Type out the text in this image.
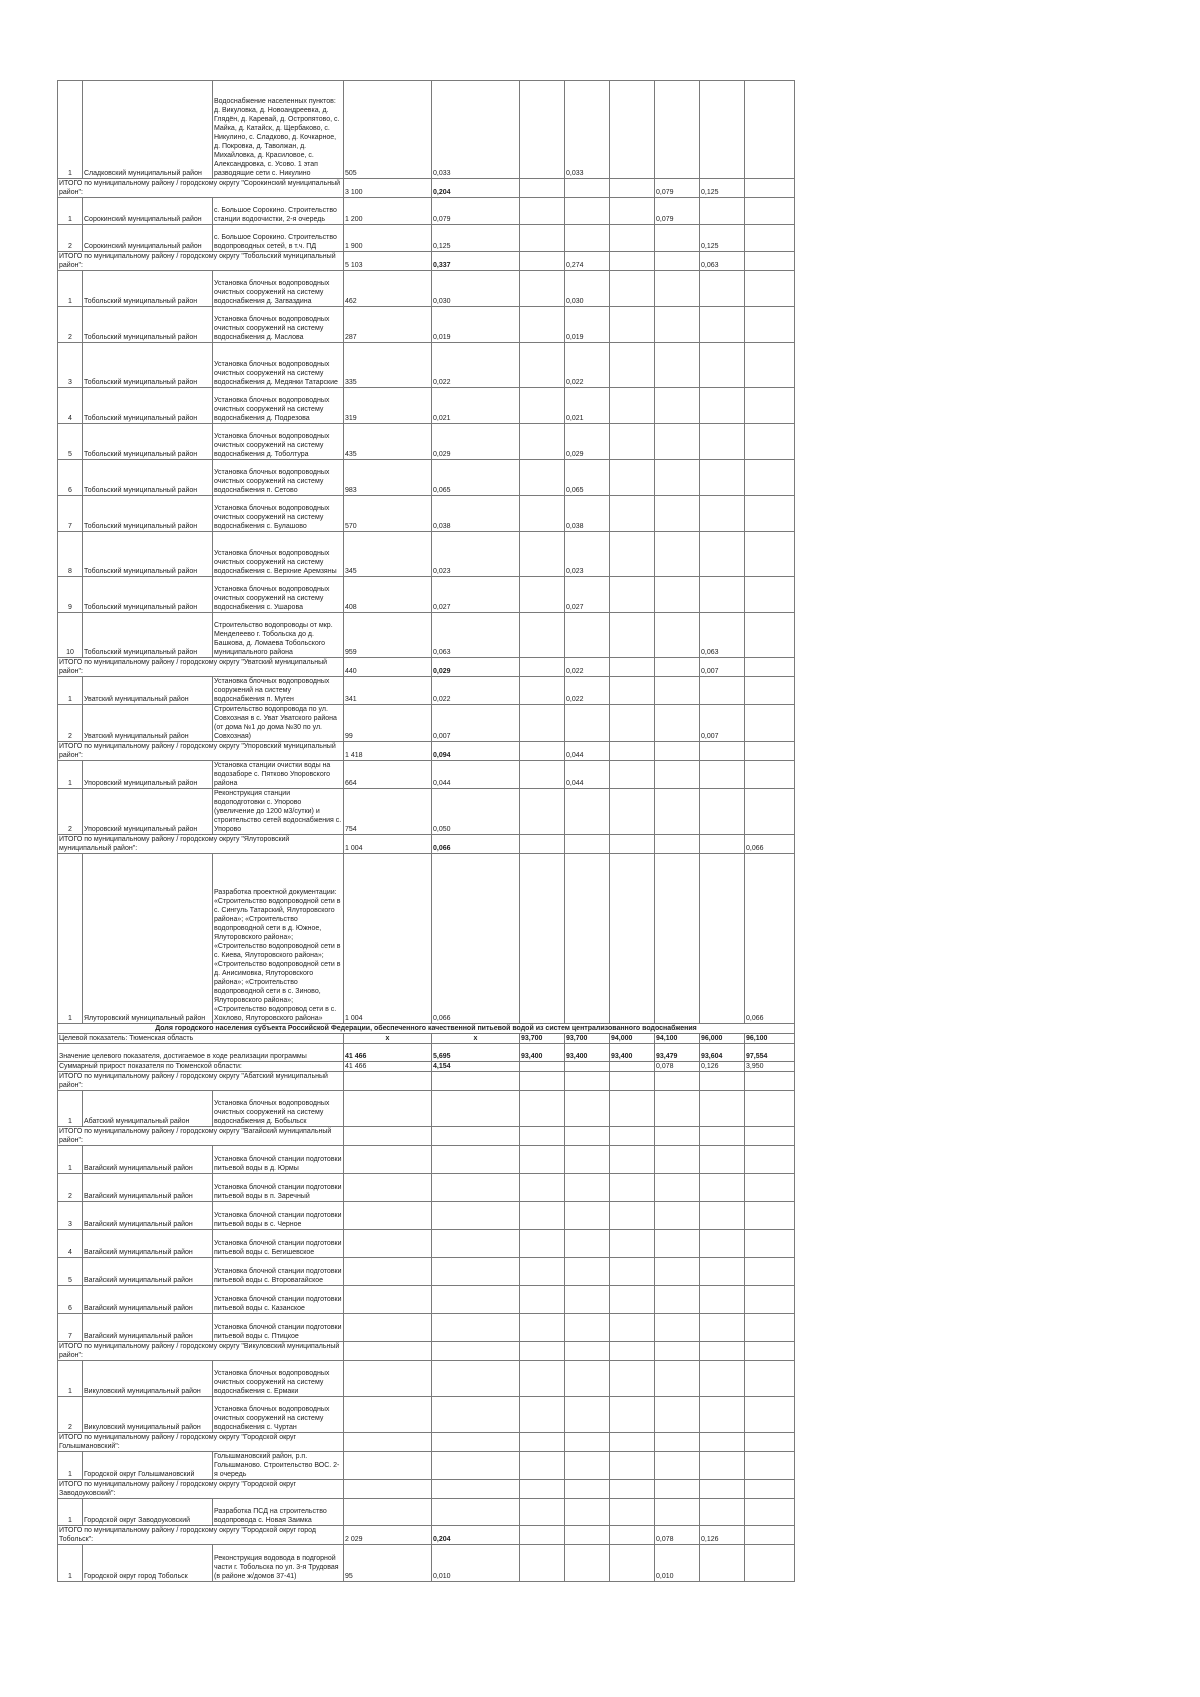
1	Сладковский муниципальный район	Водоснабжение населенных пунктов: д. Викуловка, д. Новоандреевка, д. Глядён, д. Каревай, д. Остропятово, с. Майка, д. Катайск, д. Щербаково, с. Никулино, с. Сладково, д. Кочкарное, д. Покровка, д. Таволжан, д. Михайловка, д. Красиловое, с. Александровка, с. Усово. 1 этап разводящие сети с. Никулино	505	0,033		0,033					
ИТОГО по муниципальному району / городскому округу "Сорокинский муниципальный район":			3 100	0,204				0,079	0,125		
1	Сорокинский муниципальный район	с. Большое Сорокино. Строительство станции водоочистки, 2-я очередь	1 200	0,079				0,079			
2	Сорокинский муниципальный район	с. Большое Сорокино. Строительство водопроводных сетей, в т.ч. ПД	1 900	0,125					0,125		
ИТОГО по муниципальному району / городскому округу "Тобольский муниципальный район":			5 103	0,337		0,274			0,063		
1	Тобольский муниципальный район	Установка блочных водопроводных очистных сооружений на систему водоснабжения д. Загваздина	462	0,030		0,030					
2	Тобольский муниципальный район	Установка блочных водопроводных очистных сооружений на систему водоснабжения д. Маслова	287	0,019		0,019					
3	Тобольский муниципальный район	Установка блочных водопроводных очистных сооружений на систему водоснабжения д. Медянки Татарские	335	0,022		0,022					
4	Тобольский муниципальный район	Установка блочных водопроводных очистных сооружений на систему водоснабжения д. Подрезова	319	0,021		0,021					
5	Тобольский муниципальный район	Установка блочных водопроводных очистных сооружений на систему водоснабжения д. Тоболтура	435	0,029		0,029					
6	Тобольский муниципальный район	Установка блочных водопроводных очистных сооружений на систему водоснабжения п. Сетово	983	0,065		0,065					
7	Тобольский муниципальный район	Установка блочных водопроводных очистных сооружений на систему водоснабжения с. Булашово	570	0,038		0,038					
8	Тобольский муниципальный район	Установка блочных водопроводных очистных сооружений на систему водоснабжения с. Верхние Аремзяны	345	0,023		0,023					
9	Тобольский муниципальный район	Установка блочных водопроводных очистных сооружений на систему водоснабжения с. Ушарова	408	0,027		0,027					
10	Тобольский муниципальный район	Строительство водопроводы от мкр. Менделеево г. Тобольска до д. Башкова, д. Ломаева Тобольского муниципального района	959	0,063					0,063		
ИТОГО по муниципальному району / городскому округу "Уватский муниципальный район":			440	0,029		0,022			0,007		
1	Уватский муниципальный район	Установка блочных водопроводных сооружений на систему водоснабжения п. Муген	341	0,022		0,022					
2	Уватский муниципальный район	Строительство водопровода по ул. Совхозная в с. Уват Уватского района (от дома №1 до дома №30 по ул. Совхозная)	99	0,007					0,007		
ИТОГО по муниципальному району / городскому округу "Упоровский муниципальный район":			1 418	0,094		0,044					
1	Упоровский муниципальный район	Установка станции очистки воды на водозаборе с. Пятково Упоровского района	664	0,044		0,044					
2	Упоровский муниципальный район	Реконструкция станции водоподготовки с. Упорово (увеличение до 1200 м3/сутки) и строительство сетей водоснабжения с. Упорово	754	0,050							
ИТОГО по муниципальному району / городскому округу "Ялуторовский муниципальный район":			1 004	0,066						0,066	
1	Ялуторовский муниципальный район	Разработка проектной документации: «Строительство водопроводной сети в с. Сингуль Татарский, Ялуторовского района»; «Строительство водопроводной сети в д. Южное, Ялуторовского района»; «Строительство водопроводной сети в с. Киева, Ялуторовского района»; «Строительство водопроводной сети в д. Анисимовка, Ялуторовского района»; «Строительство водопроводной сети в с. Зиново, Ялуторовского района»; «Строительство водопровод сети в с. Хохлово, Ялуторовского района»	1 004	0,066						0,066	
Доля городского населения субъекта Российской Федерации, обеспеченного качественной питьевой водой из систем централизованного водоснабжения											
Целевой показатель: Тюменская область			x	x	93,700	93,700	94,000	94,100	96,000	96,100	
Значение целевого показателя, достигаемое в ходе реализации программы			41 466	5,695	93,400	93,400	93,400	93,479	93,604	97,554	
Суммарный прирост показателя по Тюменской области:			41 466	4,154				0,078	0,126	3,950	
ИТОГО по муниципальному району / городскому округу "Абатский муниципальный район":											
1	Абатский муниципальный район	Установка блочных водопроводных очистных сооружений на систему водоснабжения д. Бобыльск									
ИТОГО по муниципальному району / городскому округу "Вагайский муниципальный район":											
1	Вагайский муниципальный район	Установка блочной станции подготовки питьевой воды в д. Юрмы									
2	Вагайский муниципальный район	Установка блочной станции подготовки питьевой воды в п. Заречный									
3	Вагайский муниципальный район	Установка блочной станции подготовки питьевой воды в с. Черное									
4	Вагайский муниципальный район	Установка блочной станции подготовки питьевой воды с. Бегишевское									
5	Вагайский муниципальный район	Установка блочной станции подготовки питьевой воды с. Второвагайское									
6	Вагайский муниципальный район	Установка блочной станции подготовки питьевой воды с. Казанское									
7	Вагайский муниципальный район	Установка блочной станции подготовки питьевой воды с. Птицкое									
ИТОГО по муниципальному району / городскому округу "Викуловский муниципальный район":											
1	Викуловский муниципальный район	Установка блочных водопроводных очистных сооружений на систему водоснабжения с. Ермаки									
2	Викуловский муниципальный район	Установка блочных водопроводных очистных сооружений на систему водоснабжения с. Чуртан									
ИТОГО по муниципальному району / городскому округу "Городской округ Голышмановский":											
1	Городской округ Голышмановский	Голышмановский район, р.п. Голышманово. Строительство ВОС. 2-я очередь									
ИТОГО по муниципальному району / городскому округу "Городской округ Заводоуковский":											
1	Городской округ Заводоуковский	Разработка ПСД на строительство водопровода с. Новая Заимка									
ИТОГО по муниципальному району / городскому округу "Городской округ город Тобольск":			2 029	0,204				0,078	0,126		
1	Городской округ город Тобольск	Реконструкция водовода в подгорной части г. Тобольска по ул. 3-я Трудовая (в районе ж/домов 37-41)	95	0,010				0,010			
